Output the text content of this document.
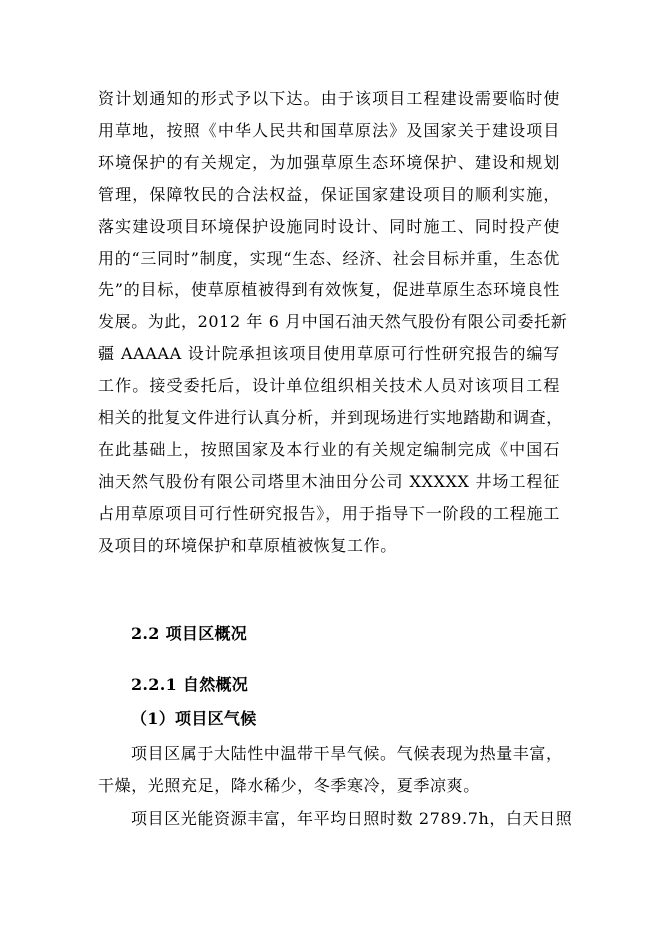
资计划通知的形式予以下达。由于该项目工程建设需要临时使
用草地，按照《中华人民共和国草原法》及国家关于建设项目
环境保护的有关规定，为加强草原生态环境保护、建设和规划
管理，保障牧民的合法权益，保证国家建设项目的顺利实施，
落实建设项目环境保护设施同时设计、同时施工、同时投产使
用的“三同时”制度，实现“生态、经济、社会目标并重，生态优
先”的目标，使草原植被得到有效恢复，促进草原生态环境良性
发展。为此，2012 年 6 月中国石油天然气股份有限公司委托新
疆 AAAAA 设计院承担该项目使用草原可行性研究报告的编写
工作。接受委托后，设计单位组织相关技术人员对该项目工程
相关的批复文件进行认真分析，并到现场进行实地踏勘和调查，
在此基础上，按照国家及本行业的有关规定编制完成《中国石
油天然气股份有限公司塔里木油田分公司 XXXXX 井场工程征
占用草原项目可行性研究报告》，用于指导下一阶段的工程施工
及项目的环境保护和草原植被恢复工作。
2.2 项目区概况
2.2.1 自然概况
（1）项目区气候
项目区属于大陆性中温带干旱气候。气候表现为热量丰富，
干燥，光照充足，降水稀少，冬季寒冷，夏季凉爽。
项目区光能资源丰富，年平均日照时数 2789.7h，白天日照
